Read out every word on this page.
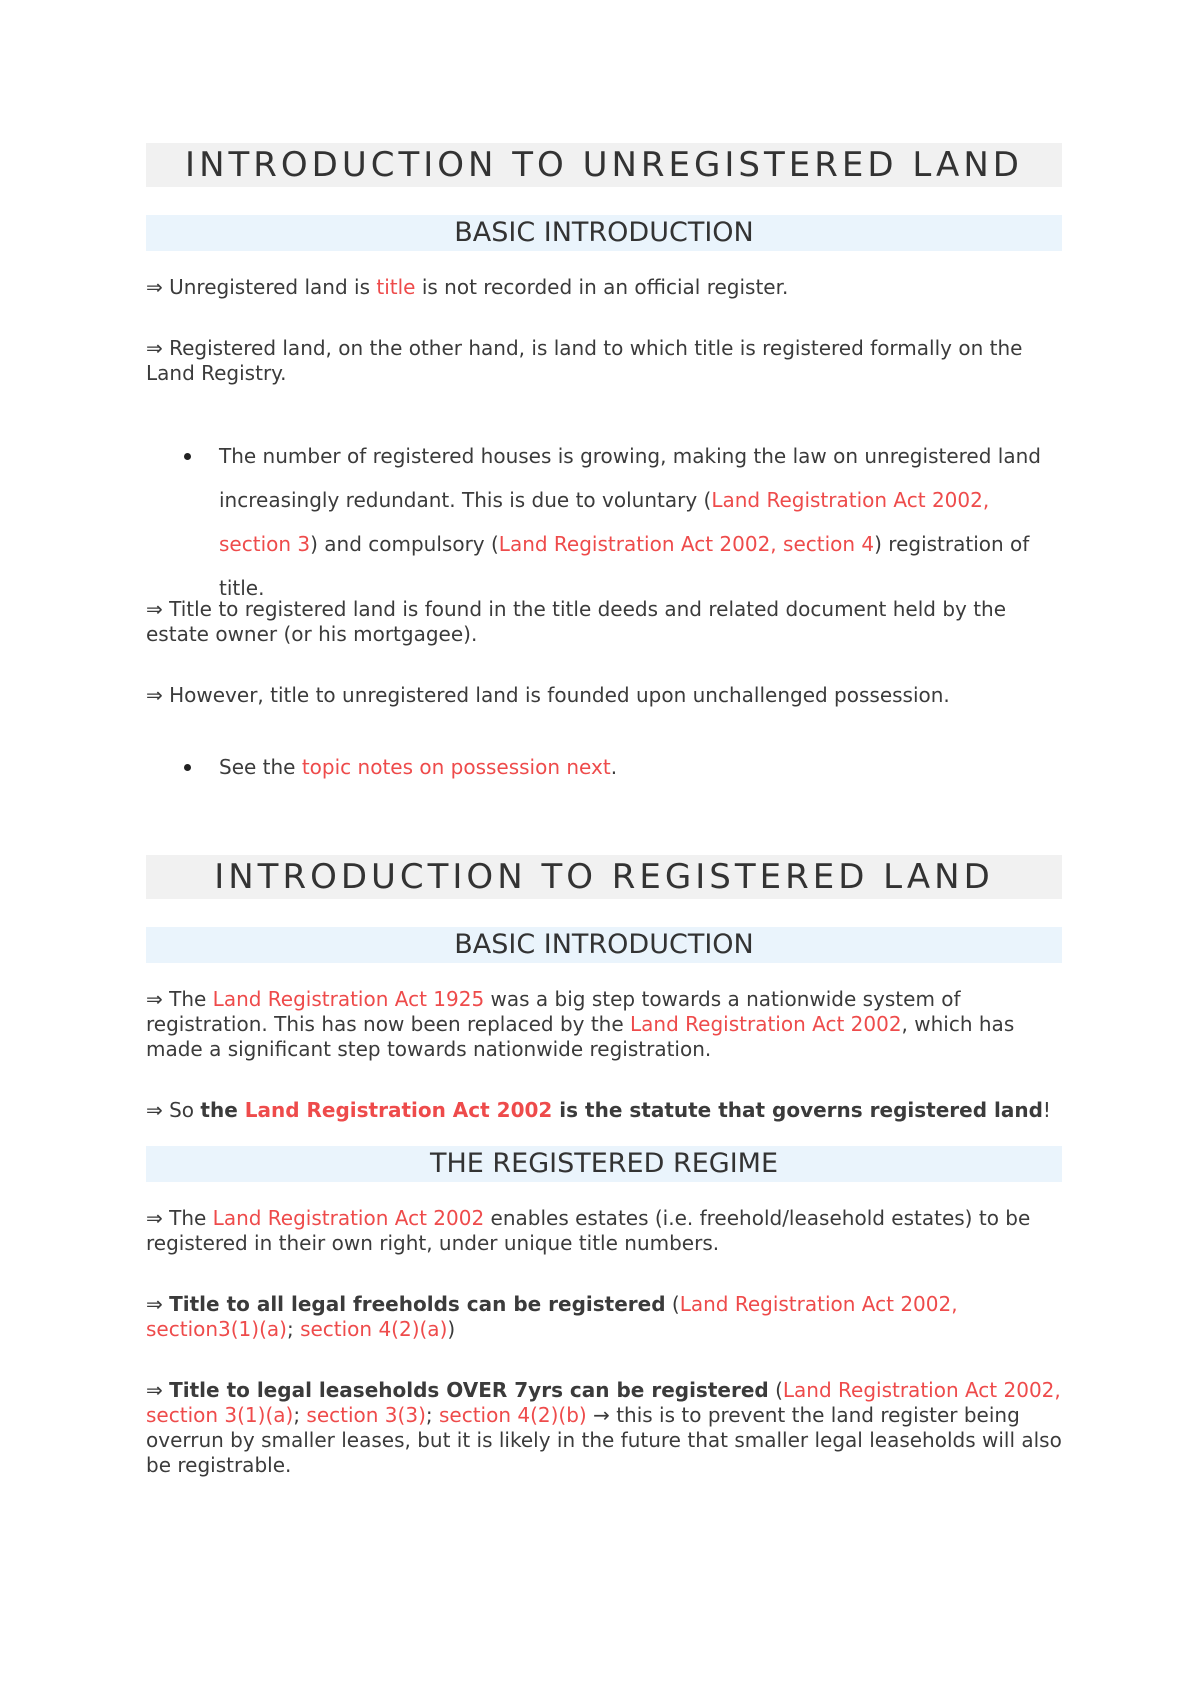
INTRODUCTION TO UNREGISTERED LAND
BASIC INTRODUCTION

⇒ Unregistered land is title is not recorded in an official register.

⇒ Registered land, on the other hand, is land to which title is registered formally on the Land Registry.

The number of registered houses is growing, making the law on unregistered land increasingly redundant. This is due to voluntary (Land Registration Act 2002, section 3) and compulsory (Land Registration Act 2002, section 4) registration of title.

⇒ Title to registered land is found in the title deeds and related document held by the estate owner (or his mortgagee).

⇒ However, title to unregistered land is founded upon unchallenged possession.

See the topic notes on possession next.
INTRODUCTION TO REGISTERED LAND
BASIC INTRODUCTION

⇒ The Land Registration Act 1925 was a big step towards a nationwide system of registration. This has now been replaced by the Land Registration Act 2002, which has made a significant step towards nationwide registration.

⇒ So the Land Registration Act 2002 is the statute that governs registered land!

THE REGISTERED REGIME

⇒ The Land Registration Act 2002 enables estates (i.e. freehold/leasehold estates) to be registered in their own right, under unique title numbers.

⇒ Title to all legal freeholds can be registered (Land Registration Act 2002, section3(1)(a); section 4(2)(a))

⇒ Title to legal leaseholds OVER 7yrs can be registered (Land Registration Act 2002, section 3(1)(a); section 3(3); section 4(2)(b) → this is to prevent the land register being overrun by smaller leases, but it is likely in the future that smaller legal leaseholds will also be registrable.
